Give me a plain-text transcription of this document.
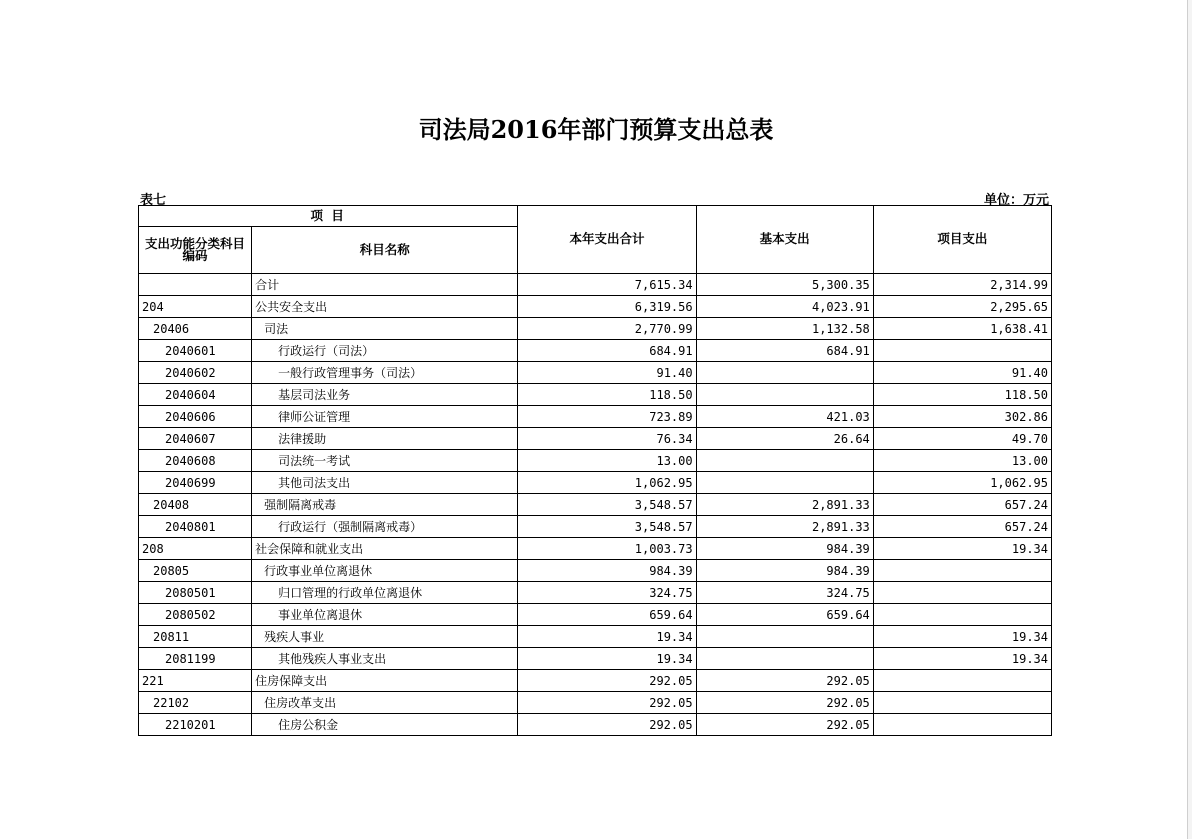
司法局2016年部门预算支出总表
表七	单位：万元
项 目		本年支出合计	基本支出	项目支出
支出功能分类科目编码	科目名称			
	合计	7,615.34	5,300.35	2,314.99
204	公共安全支出	6,319.56	4,023.91	2,295.65
20406	司法	2,770.99	1,132.58	1,638.41
2040601	行政运行（司法）	684.91	684.91	
2040602	一般行政管理事务（司法）	91.40		91.40
2040604	基层司法业务	118.50		118.50
2040606	律师公证管理	723.89	421.03	302.86
2040607	法律援助	76.34	26.64	49.70
2040608	司法统一考试	13.00		13.00
2040699	其他司法支出	1,062.95		1,062.95
20408	强制隔离戒毒	3,548.57	2,891.33	657.24
2040801	行政运行（强制隔离戒毒）	3,548.57	2,891.33	657.24
208	社会保障和就业支出	1,003.73	984.39	19.34
20805	行政事业单位离退休	984.39	984.39	
2080501	归口管理的行政单位离退休	324.75	324.75	
2080502	事业单位离退休	659.64	659.64	
20811	残疾人事业	19.34		19.34
2081199	其他残疾人事业支出	19.34		19.34
221	住房保障支出	292.05	292.05	
22102	住房改革支出	292.05	292.05	
2210201	住房公积金	292.05	292.05	
